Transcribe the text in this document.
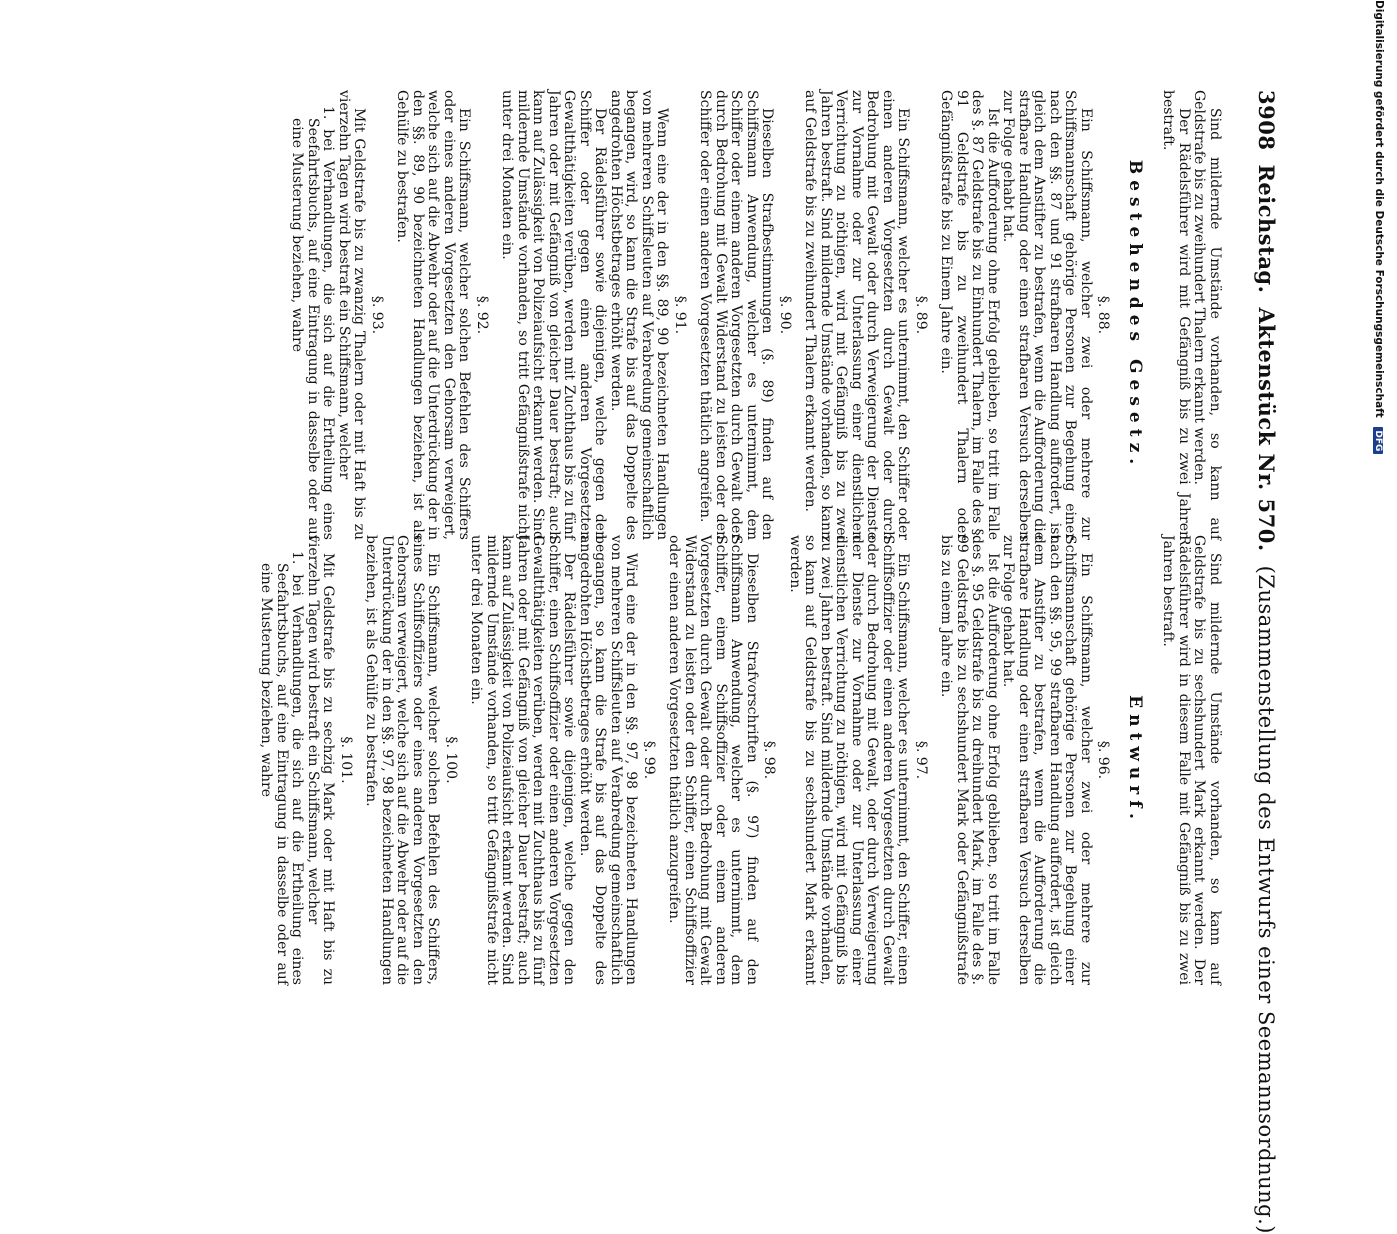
Digitalisierung gefördert durch die Deutsche Forschungsgemeinschaft DFG
3908
Reichstag.
Aktenstück Nr. 570.
(Zusammenstellung des Entwurfs einer Seemannsordnung.)

Sind mildernde Umstände vorhanden, so kann auf Geldstrafe bis zu zweihundert Thalern erkannt werden.

Der Rädelsführer wird mit Gefängniß bis zu zwei Jahren bestraft.

Bestehendes Gesetz.
§. 88.

Ein Schiffsmann, welcher zwei oder mehrere zur Schiffsmannschaft gehörige Personen zur Begehung einer nach den §§. 87 und 91 strafbaren Handlung auffordert, ist gleich dem Anstifter zu bestrafen, wenn die Aufforderung die strafbare Handlung oder einen strafbaren Versuch derselben zur Folge gehabt hat.

Ist die Aufforderung ohne Erfolg geblieben, so tritt im Falle des §. 87 Geldstrafe bis zu Einhundert Thalern, im Falle des §. 91 Geldstrafe bis zu zweihundert Thalern oder Gefängnißstrafe bis zu Einem Jahre ein.

§. 89.

Ein Schiffsmann, welcher es unternimmt, den Schiffer oder einen anderen Vorgesetzten durch Gewalt oder durch Bedrohung mit Gewalt oder durch Verweigerung der Dienste zur Vornahme oder zur Unterlassung einer dienstlichen Verrichtung zu nöthigen, wird mit Gefängniß bis zu zwei Jahren bestraft. Sind mildernde Umstände vorhanden, so kann auf Geldstrafe bis zu zweihundert Thalern erkannt werden.

§. 90.

Dieselben Strafbestimmungen (§. 89) finden auf den Schiffsmann Anwendung, welcher es unternimmt, dem Schiffer oder einem anderen Vorgesetzten durch Gewalt oder durch Bedrohung mit Gewalt Widerstand zu leisten oder den Schiffer oder einen anderen Vorgesetzten thätlich angreifen.

§. 91.

Wenn eine der in den §§. 89, 90 bezeichneten Handlungen von mehreren Schiffsleuten auf Verabredung gemeinschaftlich begangen, wird, so kann die Strafe bis auf das Doppelte des angedrohten Höchstbetrages erhöht werden.

Der Rädelsführer sowie diejenigen, welche gegen den Schiffer oder gegen einen anderen Vorgesetzten Gewaltthätigkeiten verüben, werden mit Zuchthaus bis zu fünf Jahren oder mit Gefängniß von gleicher Dauer bestraft; auch kann auf Zulässigkeit von Polizeiaufsicht erkannt werden. Sind mildernde Umstände vorhanden, so tritt Gefängnißstrafe nicht unter drei Monaten ein.

§. 92.

Ein Schiffsmann, welcher solchen Befehlen des Schiffers oder eines anderen Vorgesetzten den Gehorsam verweigert, welche sich auf die Abwehr oder auf die Unterdrückung der in den §§. 89, 90 bezeichneten Handlungen beziehen, ist als Gehülfe zu bestrafen.

§. 93.

Mit Geldstrafe bis zu zwanzig Thalern oder mit Haft bis zu vierzehn Tagen wird bestraft ein Schiffsmann, welcher

1. bei Verhandlungen, die sich auf die Ertheilung eines Seefahrtsbuchs, auf eine Eintragung in dasselbe oder auf eine Musterung beziehen, wahre

Sind mildernde Umstände vorhanden, so kann auf Geldstrafe bis zu sechshundert Mark erkannt werden. Der Rädelsführer wird in diesem Falle mit Gefängniß bis zu zwei Jahren bestraft.

Entwurf.
§. 96.

Ein Schiffsmann, welcher zwei oder mehrere zur Schiffsmannschaft gehörige Personen zur Begehung einer nach den §§. 95, 99 strafbaren Handlung auffordert, ist gleich dem Anstifter zu bestrafen, wenn die Aufforderung die strafbare Handlung oder einen strafbaren Versuch derselben zur Folge gehabt hat.

Ist die Aufforderung ohne Erfolg geblieben, so tritt im Falle des §. 95 Geldstrafe bis zu dreihundert Mark, im Falle des §. 99 Geldstrafe bis zu sechshundert Mark oder Gefängnißstrafe bis zu einem Jahre ein.

§. 97.

Ein Schiffsmann, welcher es unternimmt, den Schiffer, einen Schiffsoffizier oder einen anderen Vorgesetzten durch Gewalt oder durch Bedrohung mit Gewalt, oder durch Verweigerung der Dienste zur Vornahme oder zur Unterlassung einer dienstlichen Verrichtung zu nöthigen, wird mit Gefängniß bis zu zwei Jahren bestraft. Sind mildernde Umstände vorhanden, so kann auf Geldstrafe bis zu sechshundert Mark erkannt werden.

§. 98.

Dieselben Strafvorschriften (§. 97) finden auf den Schiffsmann Anwendung, welcher es unternimmt, dem Schiffer, einem Schiffsoffizier oder einem anderen Vorgesetzten durch Gewalt oder durch Bedrohung mit Gewalt Widerstand zu leisten oder den Schiffer, einen Schiffsoffizier oder einen anderen Vorgesetzten thätlich anzugreifen.

§. 99.

Wird eine der in den §§. 97, 98 bezeichneten Handlungen von mehreren Schiffsleuten auf Verabredung gemeinschaftlich begangen, so kann die Strafe bis auf das Doppelte des angedrohten Höchstbetrages erhöht werden.

Der Rädelsführer sowie diejenigen, welche gegen den Schiffer, einen Schiffsoffizier oder einen anderen Vorgesetzten Gewaltthätigkeiten verüben, werden mit Zuchthaus bis zu fünf Jahren oder mit Gefängniß von gleicher Dauer bestraft; auch kann auf Zulässigkeit von Polizeiaufsicht erkannt werden. Sind mildernde Umstände vorhanden, so tritt Gefängnißstrafe nicht unter drei Monaten ein.

§. 100.

Ein Schiffsmann, welcher solchen Befehlen des Schiffers, eines Schiffsoffiziers oder eines anderen Vorgesetzten den Gehorsam verweigert, welche sich auf die Abwehr oder auf die Unterdrückung der in den §§. 97, 98 bezeichneten Handlungen beziehen, ist als Gehülfe zu bestrafen.

§. 101.

Mit Geldstrafe bis zu sechzig Mark oder mit Haft bis zu vierzehn Tagen wird bestraft ein Schiffsmann, welcher

1. bei Verhandlungen, die sich auf die Ertheilung eines Seefahrtsbuchs, auf eine Eintragung in dasselbe oder auf eine Musterung beziehen, wahre
